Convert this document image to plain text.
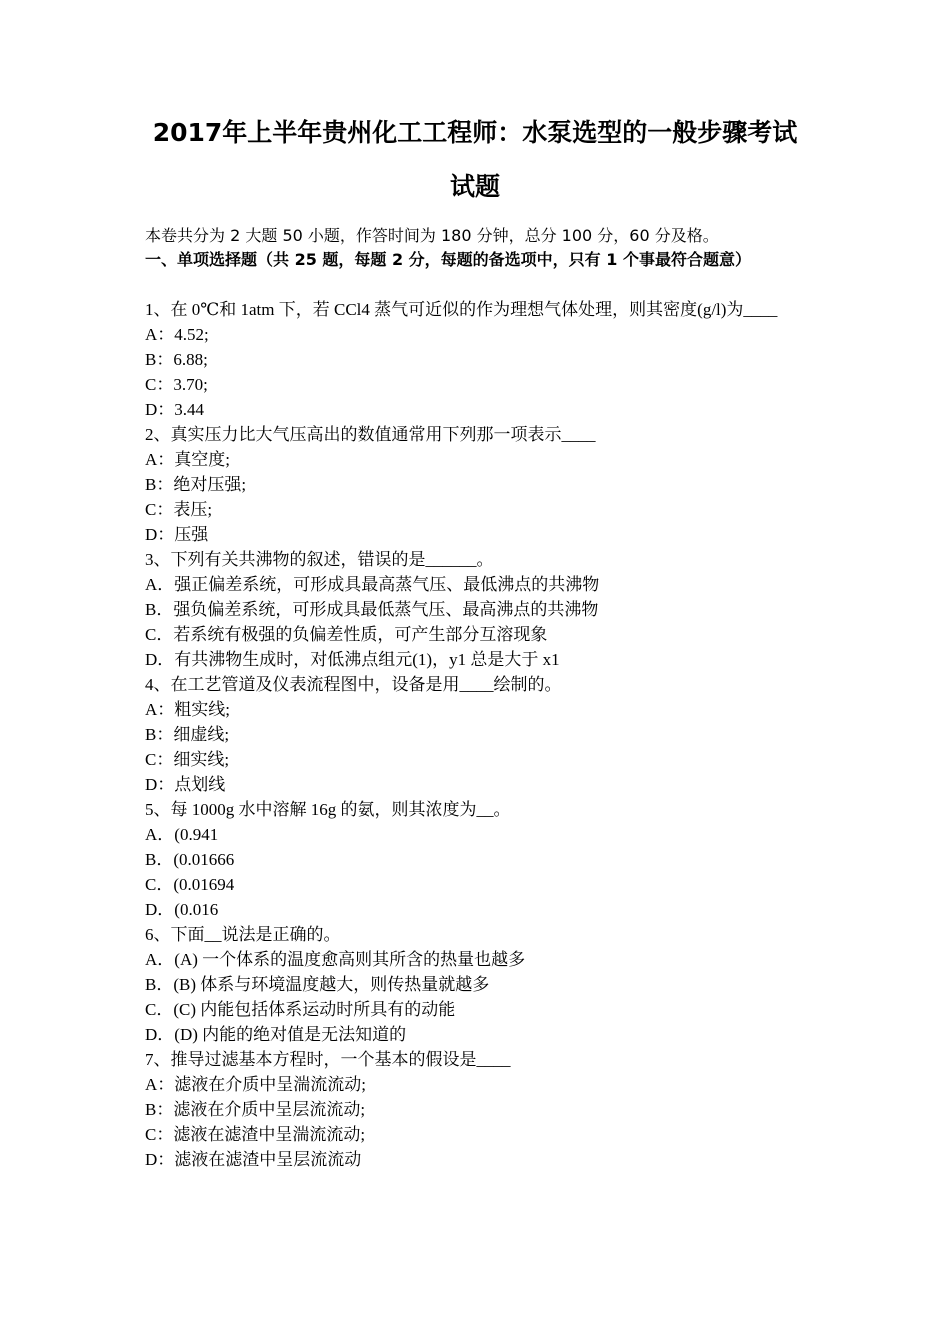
2017年上半年贵州化工工程师：水泵选型的一般步骤考试
试题
本卷共分为 2 大题 50 小题，作答时间为 180 分钟，总分 100 分，60 分及格。
一、单项选择题（共 25 题，每题 2 分，每题的备选项中，只有 1 个事最符合题意）
1、在 0℃和 1atm 下，若 CCl4 蒸气可近似的作为理想气体处理，则其密度(g/l)为____
A：4.52;
B：6.88;
C：3.70;
D：3.44
2、真实压力比大气压高出的数值通常用下列那一项表示____
A：真空度;
B：绝对压强;
C：表压;
D：压强
3、下列有关共沸物的叙述，错误的是______。
A．强正偏差系统，可形成具最高蒸气压、最低沸点的共沸物
B．强负偏差系统，可形成具最低蒸气压、最高沸点的共沸物
C．若系统有极强的负偏差性质，可产生部分互溶现象
D．有共沸物生成时，对低沸点组元(1)，y1 总是大于 x1
4、在工艺管道及仪表流程图中，设备是用____绘制的。
A：粗实线;
B：细虚线;
C：细实线;
D：点划线
5、每 1000g 水中溶解 16g 的氨，则其浓度为__。
A．(0.941
B．(0.01666
C．(0.01694
D．(0.016
6、下面__说法是正确的。
A．(A) 一个体系的温度愈高则其所含的热量也越多
B．(B) 体系与环境温度越大，则传热量就越多
C．(C) 内能包括体系运动时所具有的动能
D．(D) 内能的绝对值是无法知道的
7、推导过滤基本方程时，一个基本的假设是____
A：滤液在介质中呈湍流流动;
B：滤液在介质中呈层流流动;
C：滤液在滤渣中呈湍流流动;
D：滤液在滤渣中呈层流流动
